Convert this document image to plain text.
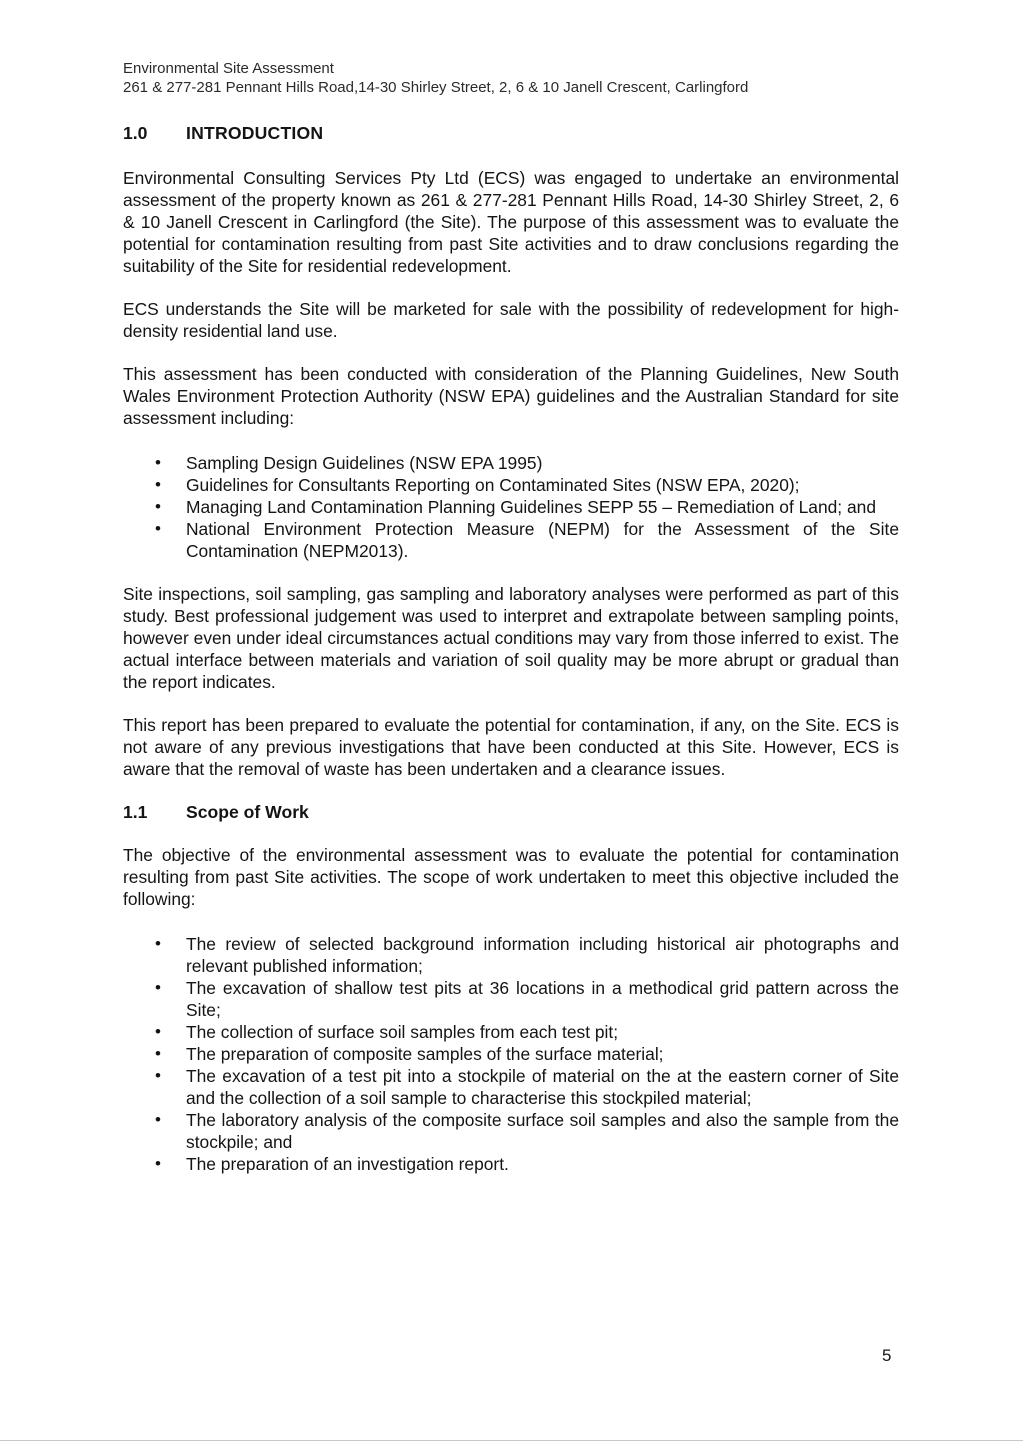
Environmental Site Assessment
261 & 277-281 Pennant Hills Road,14-30 Shirley Street, 2, 6 & 10 Janell Crescent, Carlingford
1.0	INTRODUCTION

Environmental Consulting Services Pty Ltd (ECS) was engaged to undertake an environmental assessment of the property known as 261 & 277-281 Pennant Hills Road, 14-30 Shirley Street, 2, 6 & 10 Janell Crescent in Carlingford (the Site). The purpose of this assessment was to evaluate the potential for contamination resulting from past Site activities and to draw conclusions regarding the suitability of the Site for residential redevelopment.

ECS understands the Site will be marketed for sale with the possibility of redevelopment for high-density residential land use.

This assessment has been conducted with consideration of the Planning Guidelines, New South Wales Environment Protection Authority (NSW EPA) guidelines and the Australian Standard for site assessment including:

• Sampling Design Guidelines (NSW EPA 1995)
• Guidelines for Consultants Reporting on Contaminated Sites (NSW EPA, 2020);
• Managing Land Contamination Planning Guidelines SEPP 55 – Remediation of Land; and
• National Environment Protection Measure (NEPM) for the Assessment of the Site Contamination (NEPM2013).

Site inspections, soil sampling, gas sampling and laboratory analyses were performed as part of this study. Best professional judgement was used to interpret and extrapolate between sampling points, however even under ideal circumstances actual conditions may vary from those inferred to exist. The actual interface between materials and variation of soil quality may be more abrupt or gradual than the report indicates.

This report has been prepared to evaluate the potential for contamination, if any, on the Site. ECS is not aware of any previous investigations that have been conducted at this Site. However, ECS is aware that the removal of waste has been undertaken and a clearance issues.

1.1	Scope of Work

The objective of the environmental assessment was to evaluate the potential for contamination resulting from past Site activities. The scope of work undertaken to meet this objective included the following:

• The review of selected background information including historical air photographs and relevant published information;
• The excavation of shallow test pits at 36 locations in a methodical grid pattern across the Site;
• The collection of surface soil samples from each test pit;
• The preparation of composite samples of the surface material;
• The excavation of a test pit into a stockpile of material on the at the eastern corner of Site and the collection of a soil sample to characterise this stockpiled material;
• The laboratory analysis of the composite surface soil samples and also the sample from the stockpile; and
• The preparation of an investigation report.
5
